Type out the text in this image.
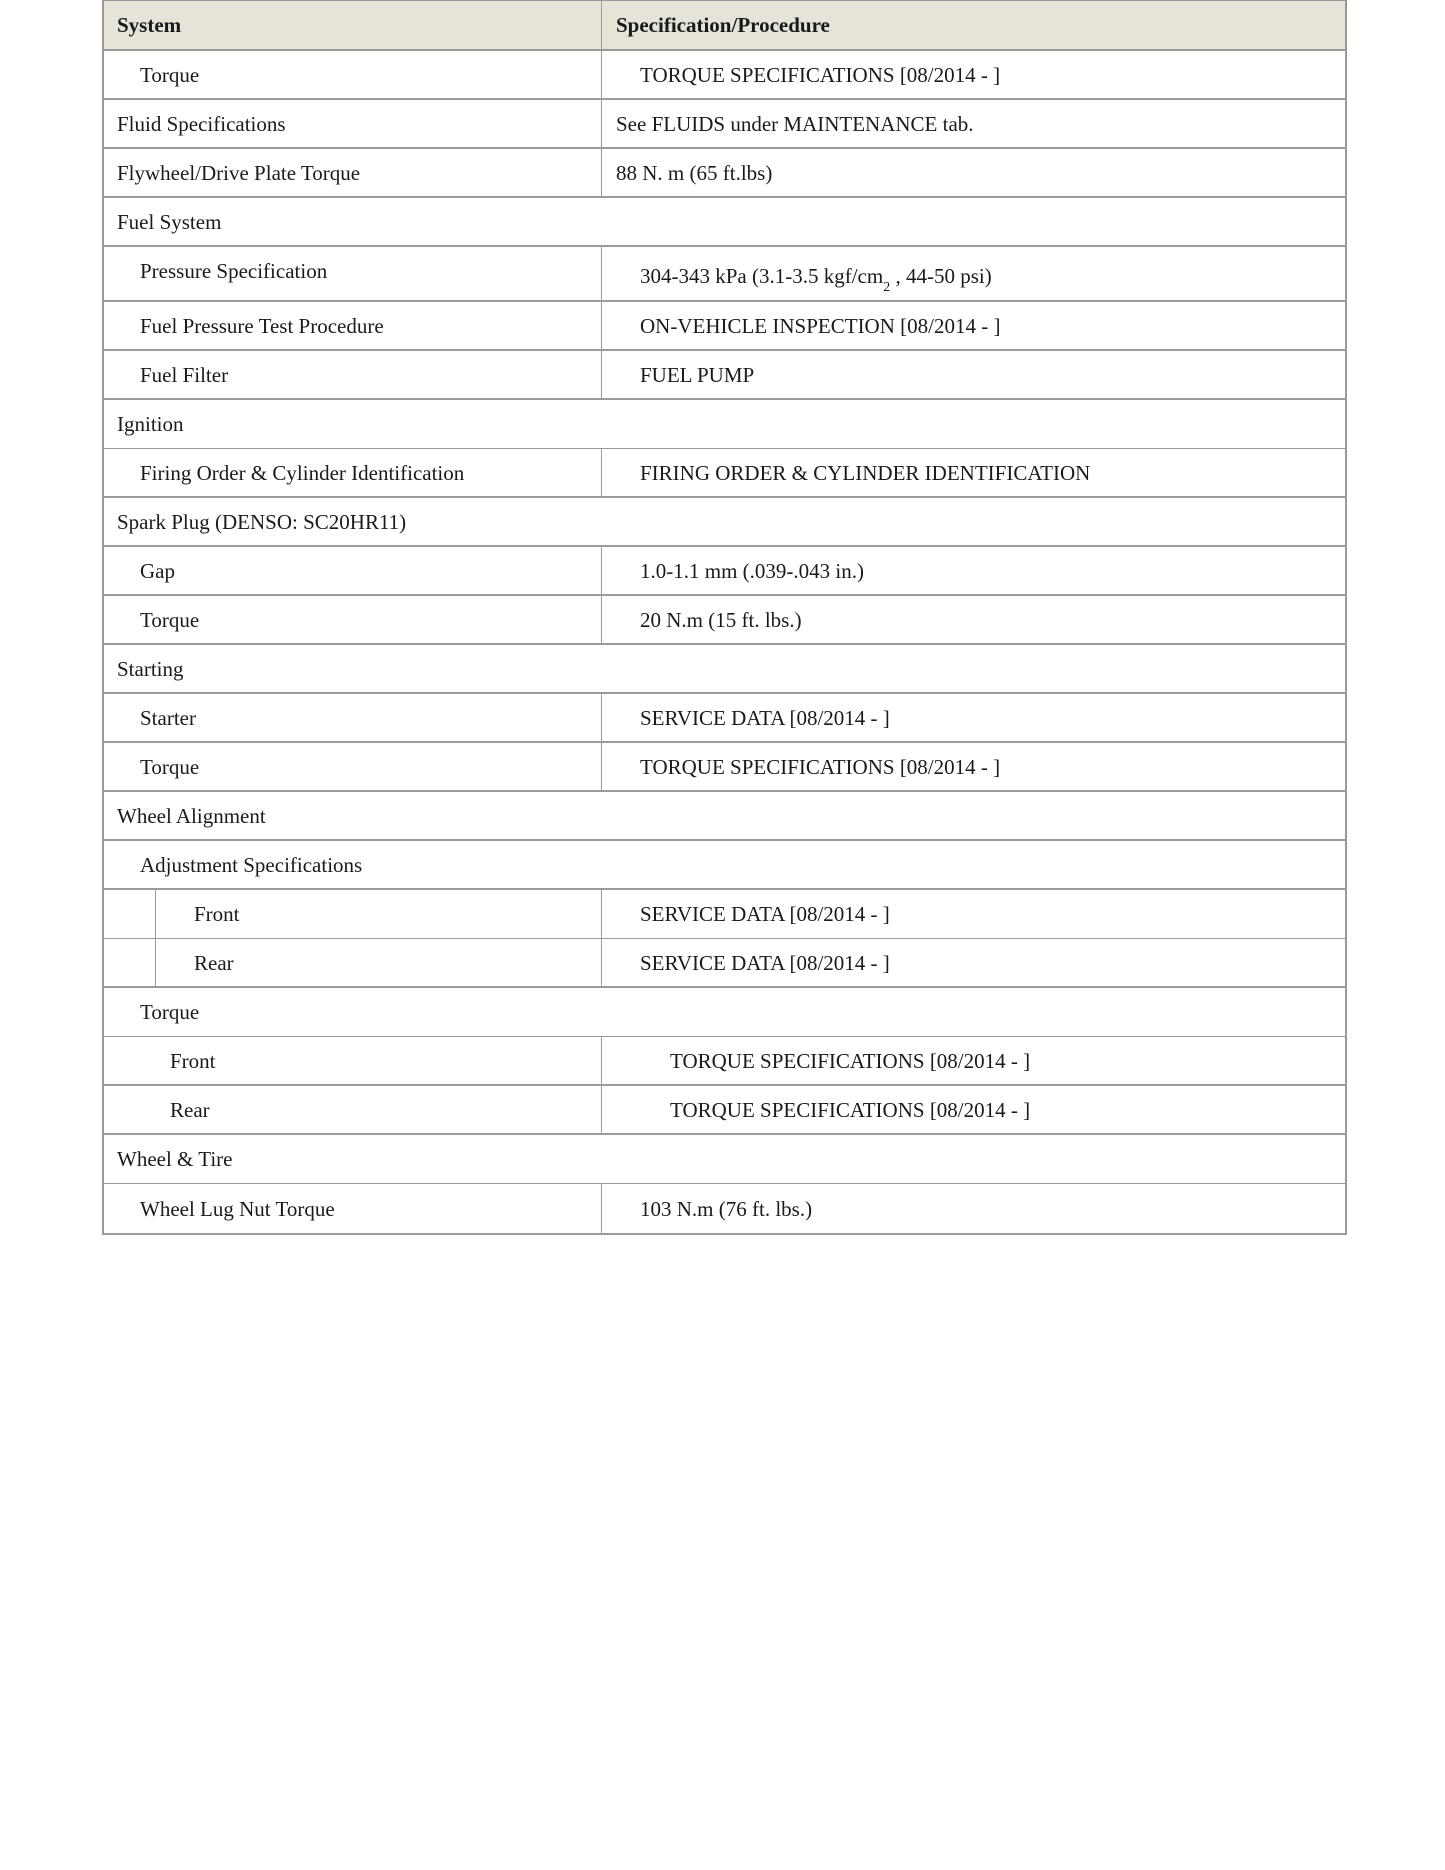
System	Specification/Procedure
Torque	TORQUE SPECIFICATIONS [08/2014 - ]
Fluid Specifications	See FLUIDS under MAINTENANCE tab.
Flywheel/Drive Plate Torque	88 N. m (65 ft.lbs)
Fuel System
Pressure Specification	304-343 kPa (3.1-3.5 kgf/cm 2 , 44-50 psi)
Fuel Pressure Test Procedure	ON-VEHICLE INSPECTION [08/2014 - ]
Fuel Filter	FUEL PUMP
Ignition
Firing Order & Cylinder Identification	FIRING ORDER & CYLINDER IDENTIFICATION
Spark Plug (DENSO: SC20HR11)
Gap	1.0-1.1 mm (.039-.043 in.)
Torque	20 N.m (15 ft. lbs.)
Starting
Starter	SERVICE DATA [08/2014 - ]
Torque	TORQUE SPECIFICATIONS [08/2014 - ]
Wheel Alignment
Adjustment Specifications
Front	SERVICE DATA [08/2014 - ]
Rear	SERVICE DATA [08/2014 - ]
Torque
Front	TORQUE SPECIFICATIONS [08/2014 - ]
Rear	TORQUE SPECIFICATIONS [08/2014 - ]
Wheel & Tire
Wheel Lug Nut Torque	103 N.m (76 ft. lbs.)
